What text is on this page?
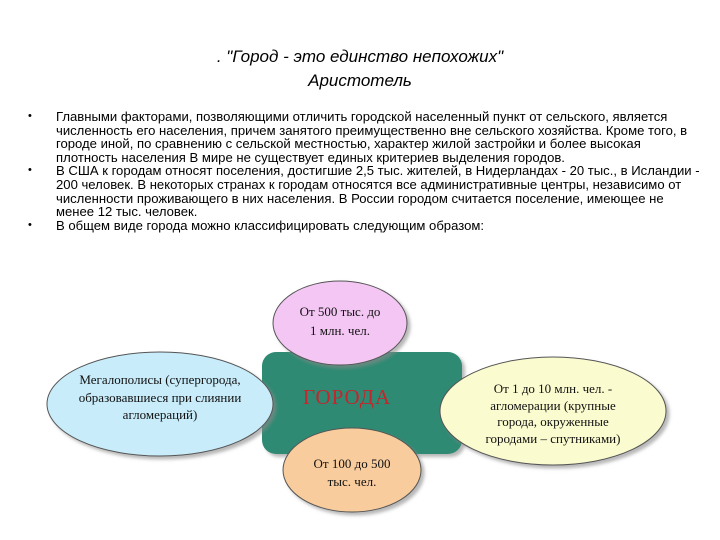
. "Город - это единство непохожих"
Аристотель
• Главными факторами, позволяющими отличить городской населенный пункт от сельского, является численность его населения, причем занятого преимущественно вне сельского хозяйства. Кроме того, в городе иной, по сравнению с сельской местностью, характер жилой застройки и более высокая плотность населения В мире не существует единых критериев выделения городов.
• В США к городам относят поселения, достигшие 2,5 тыс. жителей, в Нидерландах - 20 тыс., в Исландии - 200 человек. В некоторых странах к городам относятся все административные центры, независимо от численности проживающего в них населения. В России городом считается поселение, имеющее не менее 12 тыс. человек.
• В общем виде города можно классифицировать следующим образом:
ГОРОДА
От 500 тыс. до 1 млн. чел.
Мегалополисы (супергорода, образовавшиеся при слиянии агломераций)
От 1 до 10 млн. чел. - агломерации (крупные города, окруженные городами – спутниками)
От 100 до 500 тыс. чел.
